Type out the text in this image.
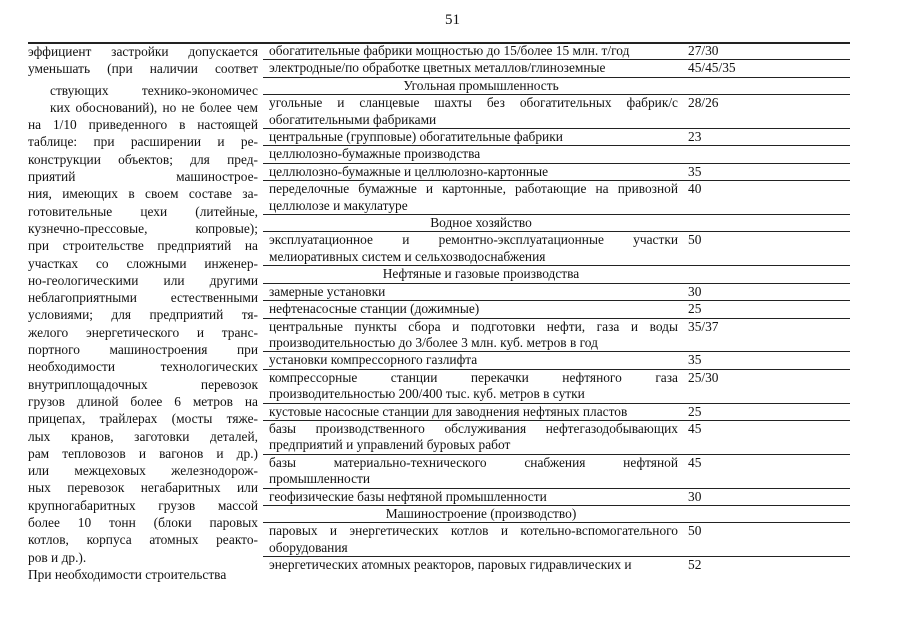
51

эффициент застройки допускается

уменьшать (при наличии соответ

ствующих технико-экономичес

ких обоснований), но не более чем

на 1/10 приведенного в настоящей

таблице: при расширении и ре-

конструкции объектов; для пред-

приятий машинострое-

ния, имеющих в своем составе за-

готовительные цехи (литейные,

кузнечно-прессовые, копровые);

при строительстве предприятий на

участках со сложными инженер-

но-геологическими или другими

неблагоприятными естественными

условиями; для предприятий тя-

желого энергетического и транс-

портного машиностроения при

необходимости технологических

внутриплощадочных перевозок

грузов длиной более 6 метров на

прицепах, трайлерах (мосты тяже-

лых кранов, заготовки деталей,

рам тепловозов и вагонов и др.)

или межцеховых железнодорож-

ных перевозок негабаритных или

крупногабаритных грузов массой

более 10 тонн (блоки паровых

котлов, корпуса атомных реакто-

ров и др.).

При необходимости строительства

обогатительные фабрики мощностью до 15/более 15 млн. т/год	27/30
электродные/по обработке цветных металлов/глиноземные	45/45/35
Угольная промышленность
угольные и сланцевые шахты без обогатительных фабрик/с обогатительными фабриками
28/26
центральные (групповые) обогатительные фабрики	23
целлюлозно-бумажные производства
целлюлозно-бумажные и целлюлозно-картонные	35
переделочные бумажные и картонные, работающие на привозной целлюлозе и макулатуре
40
Водное хозяйство
эксплуатационное и ремонтно-эксплуатационные участки мелиоративных систем и сельхозводоснабжения
50
Нефтяные и газовые производства
замерные установки	30
нефтенасосные станции (дожимные)	25
центральные пункты сбора и подготовки нефти, газа и воды производительностью до 3/более 3 млн. куб. метров в год
35/37
установки компрессорного газлифта	35
компрессорные станции перекачки нефтяного газа производительностью 200/400 тыс. куб. метров в сутки
25/30
кустовые насосные станции для заводнения нефтяных пластов	25
базы производственного обслуживания нефтегазодобывающих предприятий и управлений буровых работ
45
базы материально-технического снабжения нефтяной промышленности
45
геофизические базы нефтяной промышленности	30
Машиностроение (производство)
паровых и энергетических котлов и котельно-вспомогательного оборудования
50
энергетических атомных реакторов, паровых гидравлических и	52
